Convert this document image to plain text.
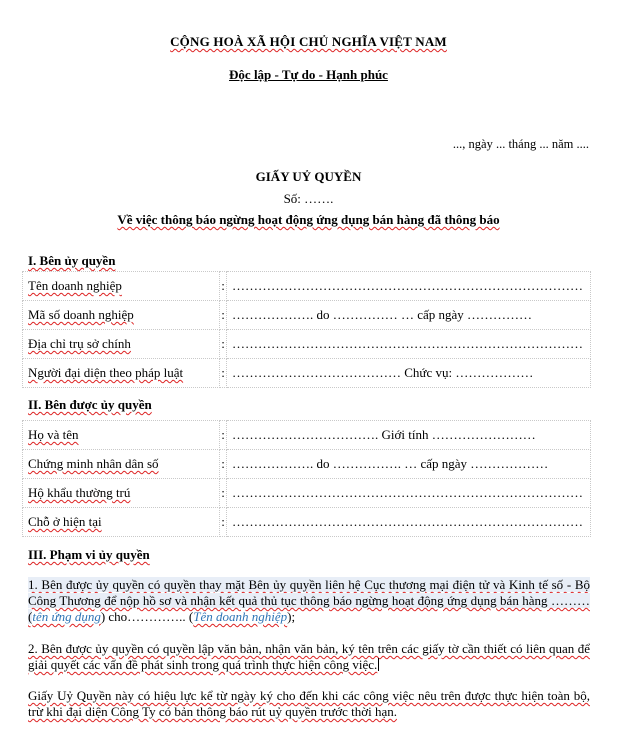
CỘNG HOÀ XÃ HỘI CHỦ NGHĨA VIỆT NAM
Độc lập - Tự do - Hạnh phúc
..., ngày ... tháng ... năm ....
GIẤY UỶ QUYỀN
Số: …….
Về việc thông báo ngừng hoạt động ứng dụng bán hàng đã thông báo
I. Bên ủy quyền
Tên doanh nghiệp	:	………………………………………………………………………
Mã số doanh nghiệp	:	………………. do …………… … cấp ngày ……………
Địa chỉ trụ sở chính	:	………………………………………………………………………
Người đại diện theo pháp luật	:	………………………………… Chức vụ: ………………
II. Bên được ủy quyền
Họ và tên	:	……………………………. Giới tính ……………………
Chứng minh nhân dân số	:	………………. do ……………. … cấp ngày ………………
Hộ khẩu thường trú	:	………………………………………………………………………
Chỗ ở hiện tại	:	………………………………………………………………………
III. Phạm vi ủy quyền
1. Bên được ủy quyền có quyền thay mặt Bên ủy quyền liên hệ Cục thương mại điện tử và Kinh tế số - Bộ Công Thương để nộp hồ sơ và nhận kết quả thủ tục thông báo ngừng hoạt động ứng dụng bán hàng ……… (tên ứng dụng) cho………….. (Tên doanh nghiệp);
2. Bên được ủy quyền có quyền lập văn bản, nhận văn bản, ký tên trên các giấy tờ cần thiết có liên quan để giải quyết các vấn đề phát sinh trong quá trình thực hiện công việc.
Giấy Uỷ Quyền này có hiệu lực kể từ ngày ký cho đến khi các công việc nêu trên được thực hiện toàn bộ, trừ khi đại diện Công Ty có bản thông báo rút uỷ quyền trước thời hạn.
